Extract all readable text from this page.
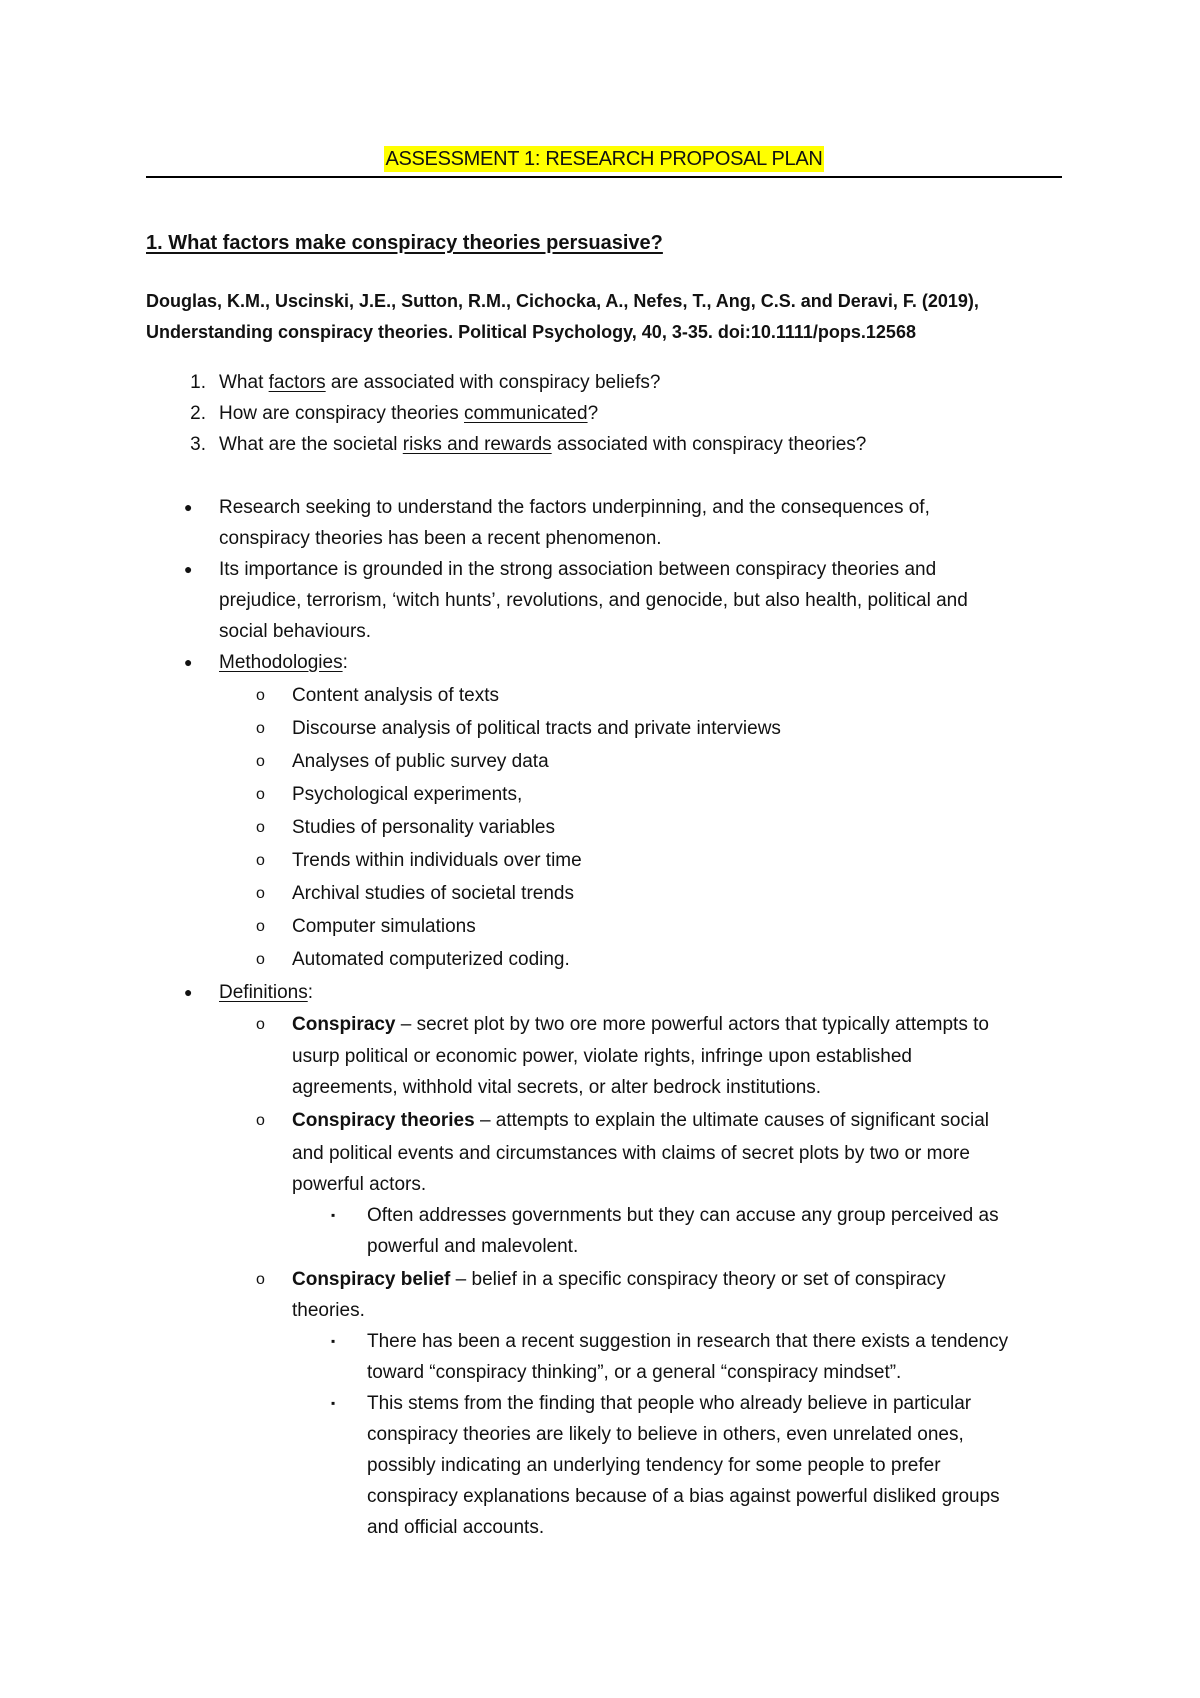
ASSESSMENT 1: RESEARCH PROPOSAL PLAN
1. What factors make conspiracy theories persuasive?
Douglas, K.M., Uscinski, J.E., Sutton, R.M., Cichocka, A., Nefes, T., Ang, C.S. and Deravi, F. (2019),
Understanding conspiracy theories. Political Psychology, 40, 3-35. doi:10.1111/pops.12568
1. What factors are associated with conspiracy beliefs?
2. How are conspiracy theories communicated?
3. What are the societal risks and rewards associated with conspiracy theories?
● Research seeking to understand the factors underpinning, and the consequences of,
conspiracy theories has been a recent phenomenon.
● Its importance is grounded in the strong association between conspiracy theories and
prejudice, terrorism, ‘witch hunts’, revolutions, and genocide, but also health, political and
social behaviours.
● Methodologies:
o Content analysis of texts
o Discourse analysis of political tracts and private interviews
o Analyses of public survey data
o Psychological experiments,
o Studies of personality variables
o Trends within individuals over time
o Archival studies of societal trends
o Computer simulations
o Automated computerized coding.
● Definitions:
o Conspiracy – secret plot by two ore more powerful actors that typically attempts to
usurp political or economic power, violate rights, infringe upon established
agreements, withhold vital secrets, or alter bedrock institutions.
o Conspiracy theories – attempts to explain the ultimate causes of significant social
and political events and circumstances with claims of secret plots by two or more
powerful actors.
▪ Often addresses governments but they can accuse any group perceived as
powerful and malevolent.
o Conspiracy belief – belief in a specific conspiracy theory or set of conspiracy
theories.
▪ There has been a recent suggestion in research that there exists a tendency
toward “conspiracy thinking”, or a general “conspiracy mindset”.
▪ This stems from the finding that people who already believe in particular
conspiracy theories are likely to believe in others, even unrelated ones,
possibly indicating an underlying tendency for some people to prefer
conspiracy explanations because of a bias against powerful disliked groups
and official accounts.
